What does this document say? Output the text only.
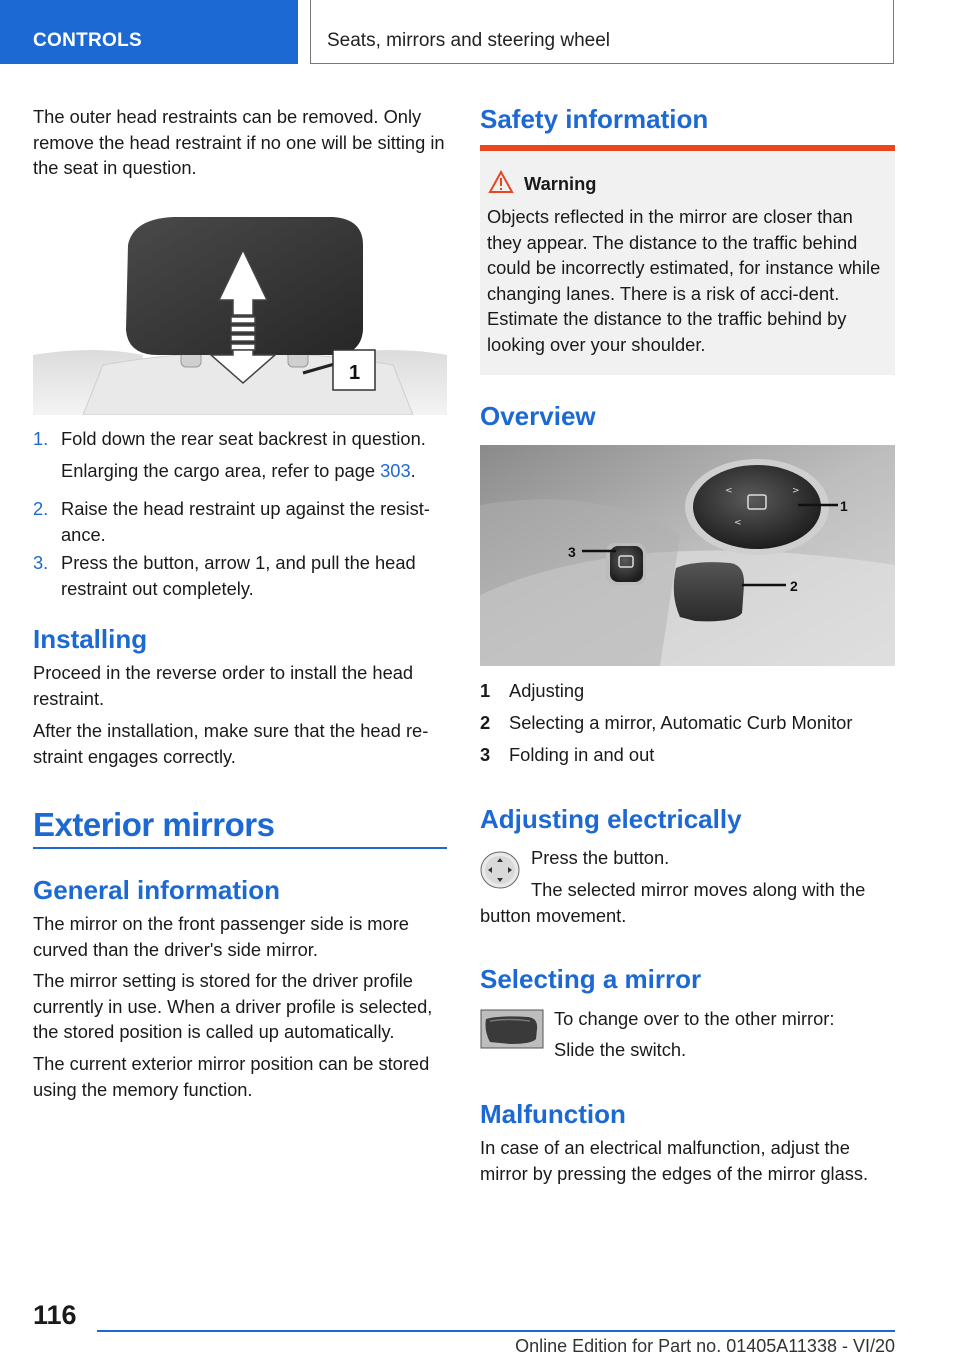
CONTROLS	Seats, mirrors and steering wheel

The outer head restraints can be removed. Only remove the head restraint if no one will be sitting in the seat in question.

1
1. Fold down the rear seat backrest in question.

Enlarging the cargo area, refer to page 303.

2. Raise the head restraint up against the resist-ance.

3. Press the button, arrow 1, and pull the head restraint out completely.

Installing

Proceed in the reverse order to install the head restraint.

After the installation, make sure that the head re-straint engages correctly.

Exterior mirrors
General information

The mirror on the front passenger side is more curved than the driver's side mirror.

The mirror setting is stored for the driver profile currently in use. When a driver profile is selected, the stored position is called up automatically.

The current exterior mirror position can be stored using the memory function.

Safety information
Warning

Objects reflected in the mirror are closer than they appear. The distance to the traffic behind could be incorrectly estimated, for instance while changing lanes. There is a risk of acci-dent. Estimate the distance to the traffic behind by looking over your shoulder.

Overview
<	>
<
1
2
3
1 Adjusting
2 Selecting a mirror, Automatic Curb Monitor
3 Folding in and out
Adjusting electrically

Press the button.

The selected mirror moves along with the button movement.

Selecting a mirror

To change over to the other mirror:

Slide the switch.

Malfunction

In case of an electrical malfunction, adjust the mirror by pressing the edges of the mirror glass.

116
Online Edition for Part no. 01405A11338 - VI/20
